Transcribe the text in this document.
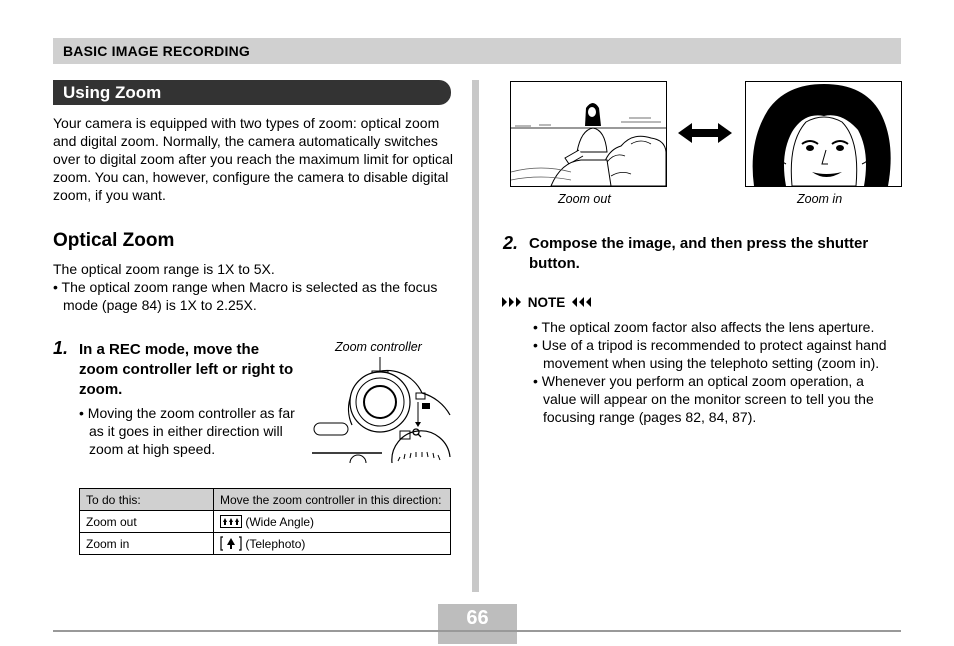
BASIC IMAGE RECORDING
Using Zoom
Your camera is equipped with two types of zoom: optical zoom and digital zoom. Normally, the camera automatically switches over to digital zoom after you reach the maximum limit for optical zoom. You can, however, configure the camera to disable digital zoom, if you want.
Optical Zoom
The optical zoom range is 1X to 5X.
• The optical zoom range when Macro is selected as the focus mode (page 84) is 1X to 2.25X.
1. In a REC mode, move the zoom controller left or right to zoom.
• Moving the zoom controller as far as it goes in either direction will zoom at high speed.
Zoom controller
To do this:	Move the zoom controller in this direction:
Zoom out	(Wide Angle)
Zoom in	(Telephoto)
Zoom out	Zoom in
2. Compose the image, and then press the shutter button.
NOTE
• The optical zoom factor also affects the lens aperture.
• Use of a tripod is recommended to protect against hand movement when using the telephoto setting (zoom in).
• Whenever you perform an optical zoom operation, a value will appear on the monitor screen to tell you the focusing range (pages 82, 84, 87).
66
